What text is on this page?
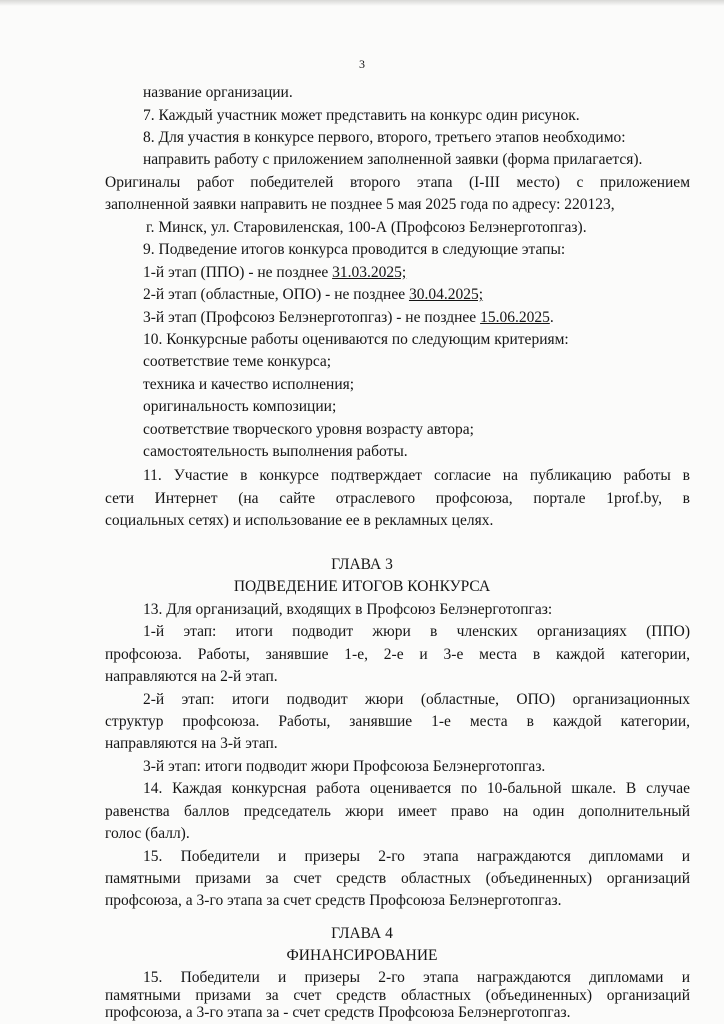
3
название организации.
7. Каждый участник может представить на конкурс один рисунок.
8. Для участия в конкурсе первого, второго, третьего этапов необходимо:
направить работу с приложением заполненной заявки (форма прилагается).
Оригиналы работ победителей второго этапа (I-III место) с приложением
заполненной заявки направить не позднее 5 мая 2025 года по адресу: 220123,
г. Минск, ул. Старовиленская, 100-А (Профсоюз Белэнерготопгаз).
9. Подведение итогов конкурса проводится в следующие этапы:
1-й этап (ППО) - не позднее 31.03.2025;
2-й этап (областные, ОПО) - не позднее 30.04.2025;
3-й этап (Профсоюз Белэнерготопгаз) - не позднее 15.06.2025.
10. Конкурсные работы оцениваются по следующим критериям:
соответствие теме конкурса;
техника и качество исполнения;
оригинальность композиции;
соответствие творческого уровня возрасту автора;
самостоятельность выполнения работы.
11. Участие в конкурсе подтверждает согласие на публикацию работы в
сети Интернет (на сайте отраслевого профсоюза, портале 1prof.by, в
социальных сетях) и использование ее в рекламных целях.
ГЛАВА 3
ПОДВЕДЕНИЕ ИТОГОВ КОНКУРСА
13. Для организаций, входящих в Профсоюз Белэнерготопгаз:
1-й этап: итоги подводит жюри в членских организациях (ППО)
профсоюза. Работы, занявшие 1-е, 2-е и 3-е места в каждой категории,
направляются на 2-й этап.
2-й этап: итоги подводит жюри (областные, ОПО) организационных
структур профсоюза. Работы, занявшие 1-е места в каждой категории,
направляются на 3-й этап.
3-й этап: итоги подводит жюри Профсоюза Белэнерготопгаз.
14. Каждая конкурсная работа оценивается по 10-бальной шкале. В случае
равенства баллов председатель жюри имеет право на один дополнительный
голос (балл).
15. Победители и призеры 2-го этапа награждаются дипломами и
памятными призами за счет средств областных (объединенных) организаций
профсоюза, а 3-го этапа за счет средств Профсоюза Белэнерготопгаз.
ГЛАВА 4
ФИНАНСИРОВАНИЕ
15. Победители и призеры 2-го этапа награждаются дипломами и
памятными призами за счет средств областных (объединенных) организаций
профсоюза, а 3-го этапа за - счет средств Профсоюза Белэнерготопгаз.
